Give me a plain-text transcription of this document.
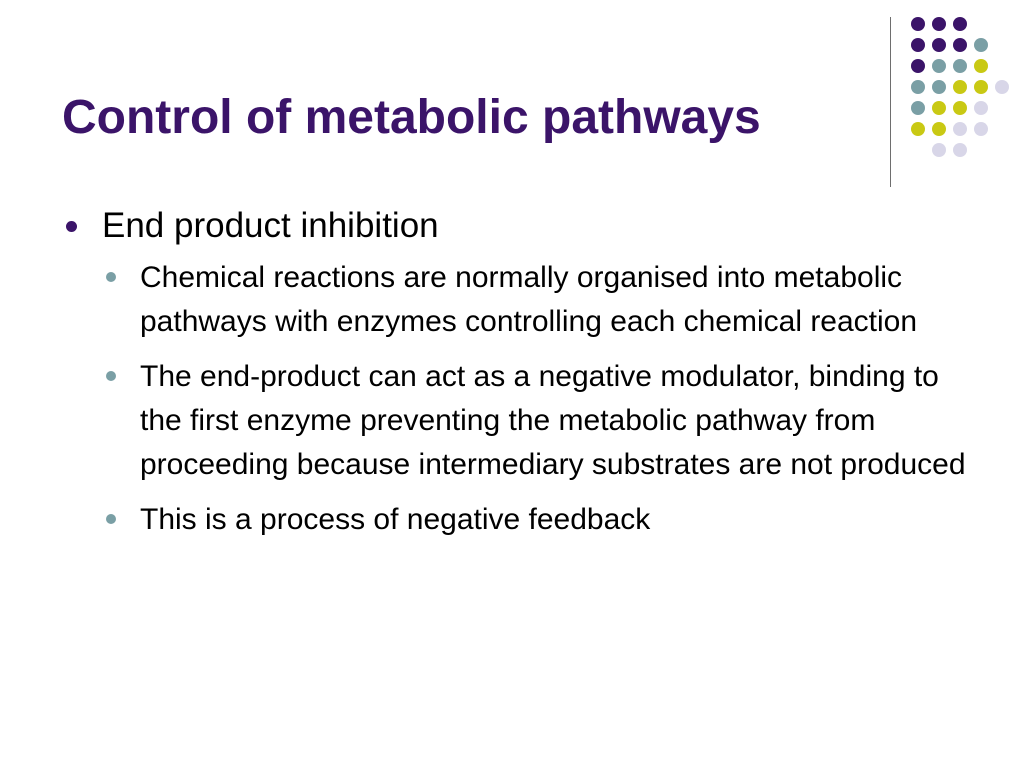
Control of metabolic pathways
End product inhibition
Chemical reactions are normally organised into metabolic pathways with enzymes controlling each chemical reaction
The end-product can act as a negative modulator, binding to the first enzyme preventing the metabolic pathway from proceeding because intermediary substrates are not produced
This is a process of negative feedback
